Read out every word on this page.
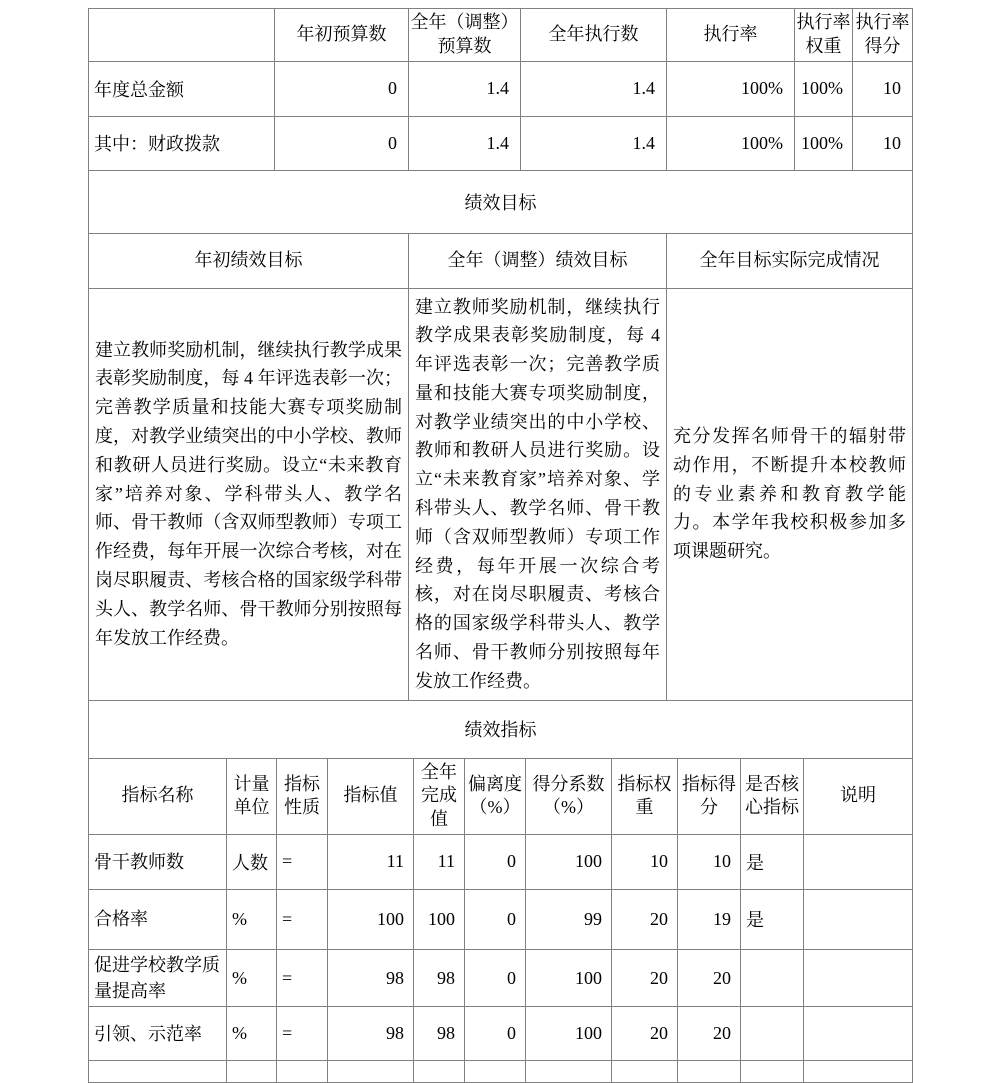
	年初预算数	全年（调整）预算数	全年执行数	执行率	执行率权重	执行率得分
年度总金额	0	1.4	1.4	100%	100%	10
其中：财政拨款	0	1.4	1.4	100%	100%	10
绩效目标		
年初绩效目标	全年（调整）绩效目标	全年目标实际完成情况
建立教师奖励机制，继续执行教学成果表彰奖励制度，每 4 年评选表彰一次；完善教学质量和技能大赛专项奖励制度，对教学业绩突出的中小学校、教师和教研人员进行奖励。设立“未来教育家”培养对象、学科带头人、教学名师、骨干教师（含双师型教师）专项工作经费，每年开展一次综合考核，对在岗尽职履责、考核合格的国家级学科带头人、教学名师、骨干教师分别按照每年发放工作经费。	建立教师奖励机制，继续执行教学成果表彰奖励制度，每 4 年评选表彰一次；完善教学质量和技能大赛专项奖励制度，对教学业绩突出的中小学校、教师和教研人员进行奖励。设立“未来教育家”培养对象、学科带头人、教学名师、骨干教师（含双师型教师）专项工作经费，每年开展一次综合考核，对在岗尽职履责、考核合格的国家级学科带头人、教学名师、骨干教师分别按照每年发放工作经费。	充分发挥名师骨干的辐射带动作用，不断提升本校教师的专业素养和教育教学能力。本学年我校积极参加多项课题研究。
绩效指标										
指标名称	计量单位	指标性质	指标值	全年完成值	偏离度（%）	得分系数（%）	指标权重	指标得分	是否核心指标	说明
骨干教师数	人数	=	11	11	0	100	10	10	是	
合格率	%	=	100	100	0	99	20	19	是	
促进学校教学质量提高率	%	=	98	98	0	100	20	20		
引领、示范率	%	=	98	98	0	100	20	20		
